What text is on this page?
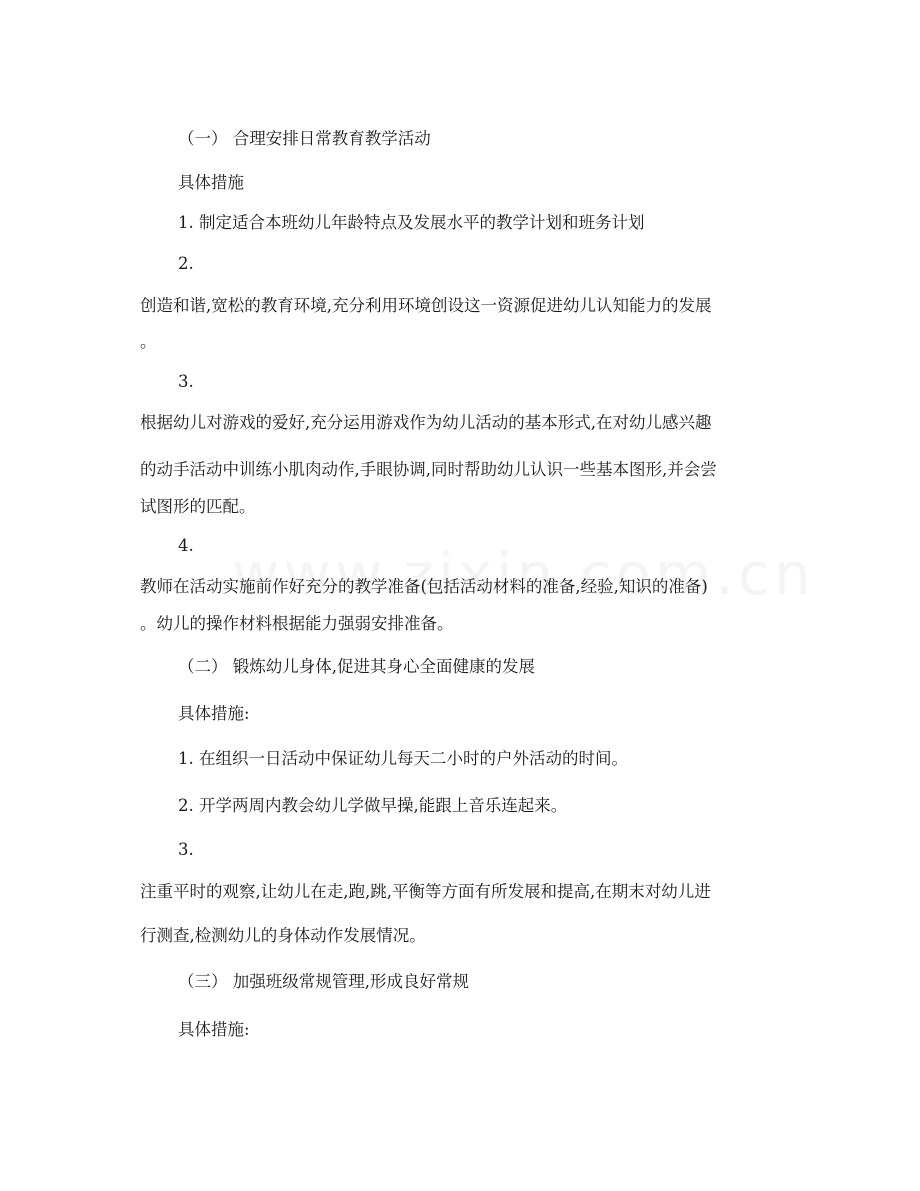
（一） 合理安排日常教育教学活动
具体措施
1. 制定适合本班幼儿年龄特点及发展水平的教学计划和班务计划
2.
创造和谐,宽松的教育环境,充分利用环境创设这一资源促进幼儿认知能力的发展
。
3.
根据幼儿对游戏的爱好,充分运用游戏作为幼儿活动的基本形式,在对幼儿感兴趣
的动手活动中训练小肌肉动作,手眼协调,同时帮助幼儿认识一些基本图形,并会尝
试图形的匹配。
4.
教师在活动实施前作好充分的教学准备(包括活动材料的准备,经验,知识的准备)
。幼儿的操作材料根据能力强弱安排准备。
（二） 锻炼幼儿身体,促进其身心全面健康的发展
具体措施:
1. 在组织一日活动中保证幼儿每天二小时的户外活动的时间。
2. 开学两周内教会幼儿学做早操,能跟上音乐连起来。
3.
注重平时的观察,让幼儿在走,跑,跳,平衡等方面有所发展和提高,在期末对幼儿进
行测查,检测幼儿的身体动作发展情况。
（三） 加强班级常规管理,形成良好常规
具体措施:
